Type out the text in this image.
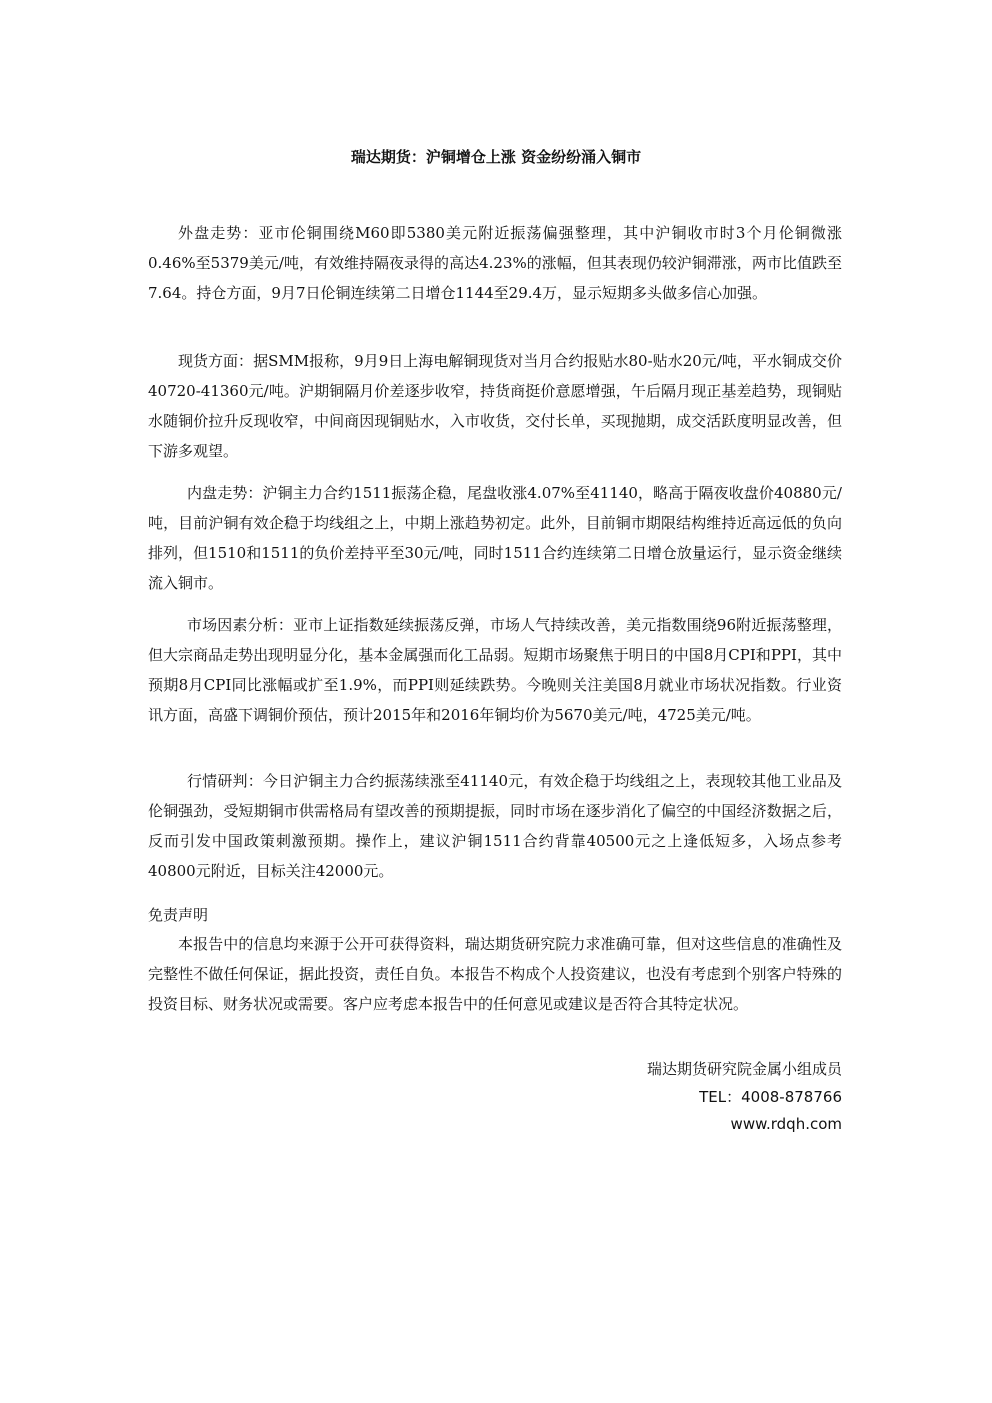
瑞达期货：沪铜增仓上涨 资金纷纷涌入铜市

外盘走势：亚市伦铜围绕M60即5380美元附近振荡偏强整理，其中沪铜收市时3个月伦铜微涨0.46%至5379美元/吨，有效维持隔夜录得的高达4.23%的涨幅，但其表现仍较沪铜滞涨，两市比值跌至7.64。持仓方面，9月7日伦铜连续第二日增仓1144至29.4万，显示短期多头做多信心加强。

现货方面：据SMM报称，9月9日上海电解铜现货对当月合约报贴水80-贴水20元/吨，平水铜成交价40720-41360元/吨。沪期铜隔月价差逐步收窄，持货商挺价意愿增强，午后隔月现正基差趋势，现铜贴水随铜价拉升反现收窄，中间商因现铜贴水，入市收货，交付长单，买现抛期，成交活跃度明显改善，但下游多观望。

内盘走势：沪铜主力合约1511振荡企稳，尾盘收涨4.07%至41140，略高于隔夜收盘价40880元/吨，目前沪铜有效企稳于均线组之上，中期上涨趋势初定。此外，目前铜市期限结构维持近高远低的负向排列，但1510和1511的负价差持平至30元/吨，同时1511合约连续第二日增仓放量运行，显示资金继续流入铜市。

市场因素分析：亚市上证指数延续振荡反弹，市场人气持续改善，美元指数围绕96附近振荡整理，但大宗商品走势出现明显分化，基本金属强而化工品弱。短期市场聚焦于明日的中国8月CPI和PPI，其中预期8月CPI同比涨幅或扩至1.9%，而PPI则延续跌势。今晚则关注美国8月就业市场状况指数。行业资讯方面，高盛下调铜价预估，预计2015年和2016年铜均价为5670美元/吨，4725美元/吨。

行情研判：今日沪铜主力合约振荡续涨至41140元，有效企稳于均线组之上，表现较其他工业品及伦铜强劲，受短期铜市供需格局有望改善的预期提振，同时市场在逐步消化了偏空的中国经济数据之后，反而引发中国政策刺激预期。操作上，建议沪铜1511合约背靠40500元之上逢低短多，入场点参考40800元附近，目标关注42000元。

免责声明

本报告中的信息均来源于公开可获得资料，瑞达期货研究院力求准确可靠，但对这些信息的准确性及完整性不做任何保证，据此投资，责任自负。本报告不构成个人投资建议，也没有考虑到个别客户特殊的投资目标、财务状况或需要。客户应考虑本报告中的任何意见或建议是否符合其特定状况。

瑞达期货研究院金属小组成员

TEL：4008-878766

www.rdqh.com
